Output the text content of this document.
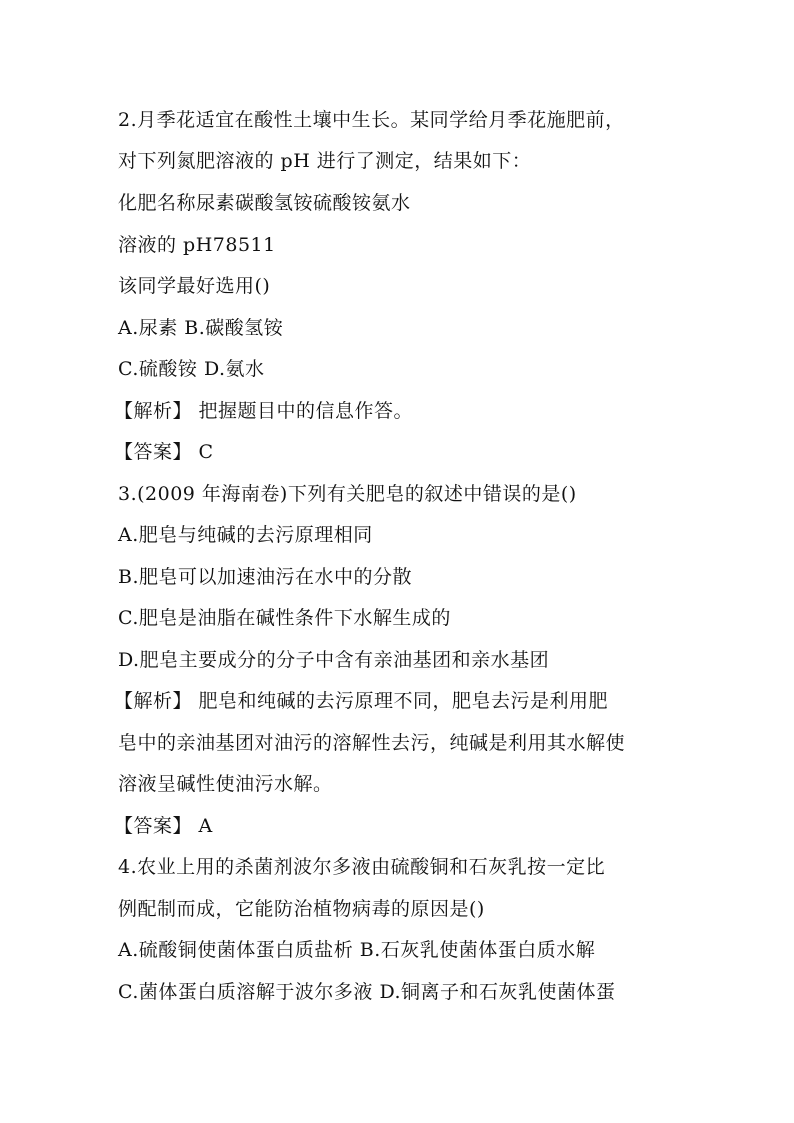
2.月季花适宜在酸性土壤中生长。某同学给月季花施肥前，
对下列氮肥溶液的 pH 进行了测定，结果如下：
化肥名称尿素碳酸氢铵硫酸铵氨水
溶液的 pH78511
该同学最好选用()
A.尿素 B.碳酸氢铵
C.硫酸铵 D.氨水
【解析】 把握题目中的信息作答。
【答案】 C
3.(2009 年海南卷)下列有关肥皂的叙述中错误的是()
A.肥皂与纯碱的去污原理相同
B.肥皂可以加速油污在水中的分散
C.肥皂是油脂在碱性条件下水解生成的
D.肥皂主要成分的分子中含有亲油基团和亲水基团
【解析】 肥皂和纯碱的去污原理不同，肥皂去污是利用肥
皂中的亲油基团对油污的溶解性去污，纯碱是利用其水解使
溶液呈碱性使油污水解。
【答案】 A
4.农业上用的杀菌剂波尔多液由硫酸铜和石灰乳按一定比
例配制而成，它能防治植物病毒的原因是()
A.硫酸铜使菌体蛋白质盐析 B.石灰乳使菌体蛋白质水解
C.菌体蛋白质溶解于波尔多液 D.铜离子和石灰乳使菌体蛋
